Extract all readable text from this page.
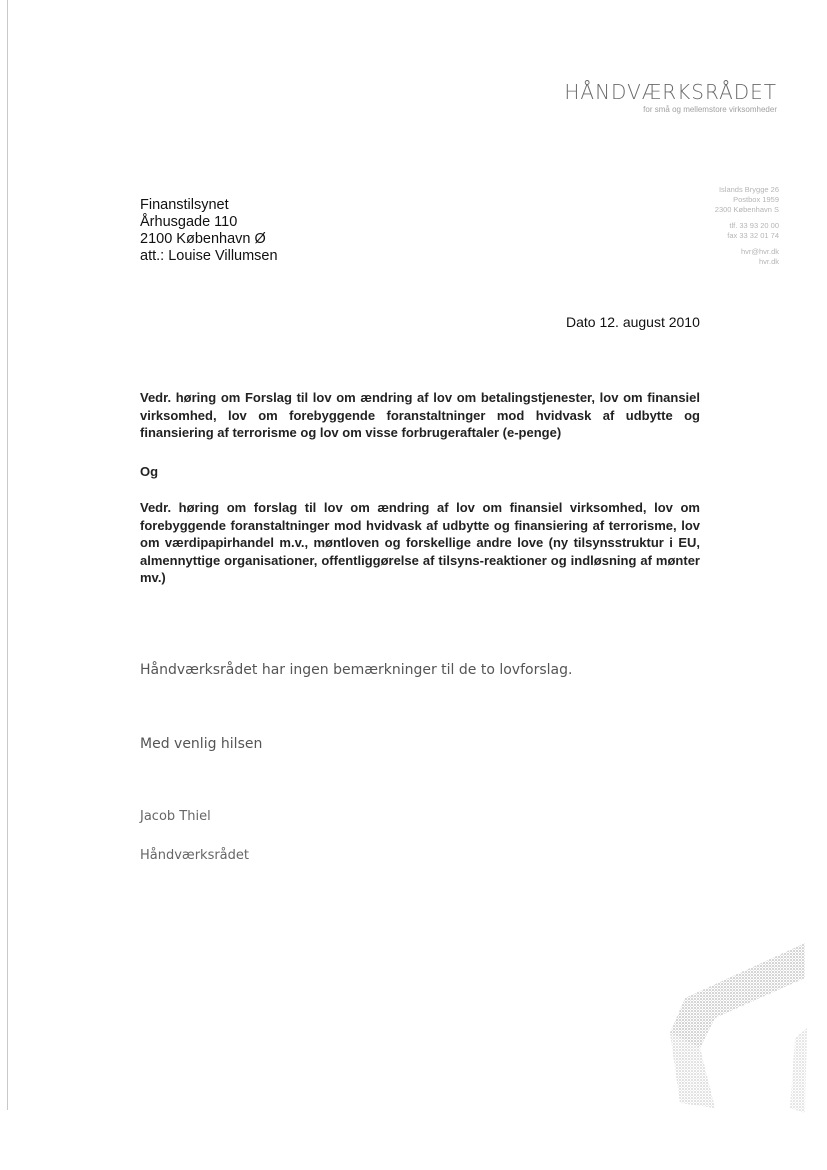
HÅNDVÆRKSRÅDET
for små og mellemstore virksomheder
Islands Brygge 26
Postbox 1959
2300 København S
tlf. 33 93 20 00
fax 33 32 01 74
hvr@hvr.dk
hvr.dk
Finanstilsynet
Århusgade 110
2100 København Ø
att.: Louise Villumsen
Dato 12. august 2010
Vedr. høring om Forslag til lov om ændring af lov om betalingstjenester, lov om finansiel virksomhed, lov om forebyggende foranstaltninger mod hvidvask af udbytte og finansiering af terrorisme og lov om visse forbrugeraftaler (e-penge)
Og
Vedr. høring om forslag til lov om ændring af lov om finansiel virksomhed, lov om forebyggende foranstaltninger mod hvidvask af udbytte og finansiering af terrorisme, lov om værdipapirhandel m.v., møntloven og forskellige andre love (ny tilsynsstruktur i EU, almennyttige organisationer, offentliggørelse af tilsyns-reaktioner og indløsning af mønter mv.)
Håndværksrådet har ingen bemærkninger til de to lovforslag.
Med venlig hilsen
Jacob Thiel
Håndværksrådet
